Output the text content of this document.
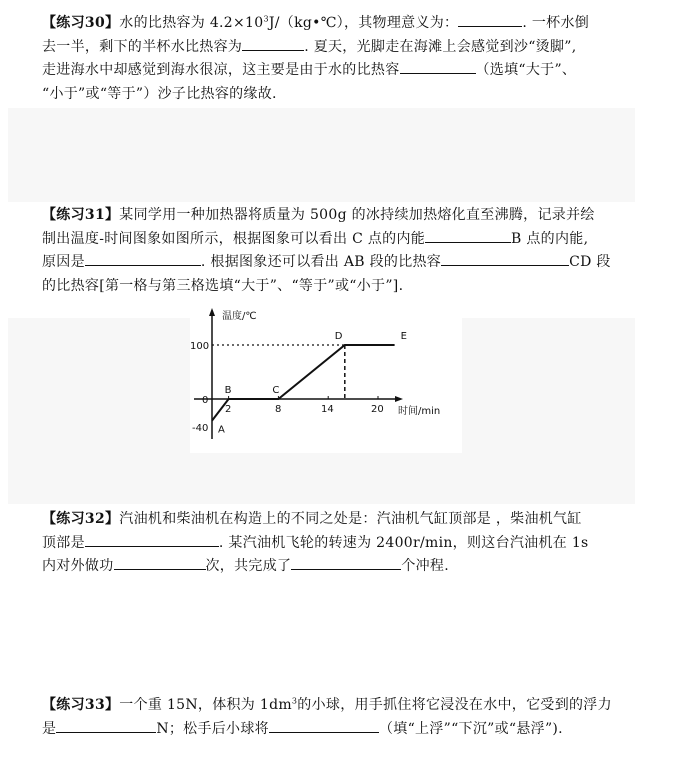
【练习30】水的比热容为 $4.2\times 10^3J/(kg•℃)$，其物理意义为：	. 一杯水倒
去一半，剩下的半杯水比热容为	. 夏天，光脚走在海滩上会感觉到沙“烫脚”,
走进海水中却感觉到海水很凉，这主要是由于水的比热容	（选填“大于”、
“小于”或“等于”）沙子比热容的缘故.
【练习31】某同学用一种加热器将质量为 500g 的冰持续加热熔化直至沸腾，记录并绘
制出温度-时间图象如图所示，根据图象可以看出 C 点的内能	B 点的内能,
原因是	. 根据图象还可以看出 AB 段的比热容	CD 段
的比热容[第一格与第三格选填“大于”、“等于”或“小于”].
温度/℃
时间/min
100
0
-40
2	8	14	20
A
B	C
D	E
【练习32】汽油机和柴油机在构造上的不同之处是：汽油机气缸顶部是 ，柴油机气缸
顶部是	. 某汽油机飞轮的转速为 2400r/min，则这台汽油机在 1s
内对外做功	次，共完成了	个冲程.
【练习33】一个重 15N，体积为 $1dm^3$的小球，用手抓住将它浸没在水中，它受到的浮力
是	N；松手后小球将	（填“上浮”“下沉”或“悬浮”).
